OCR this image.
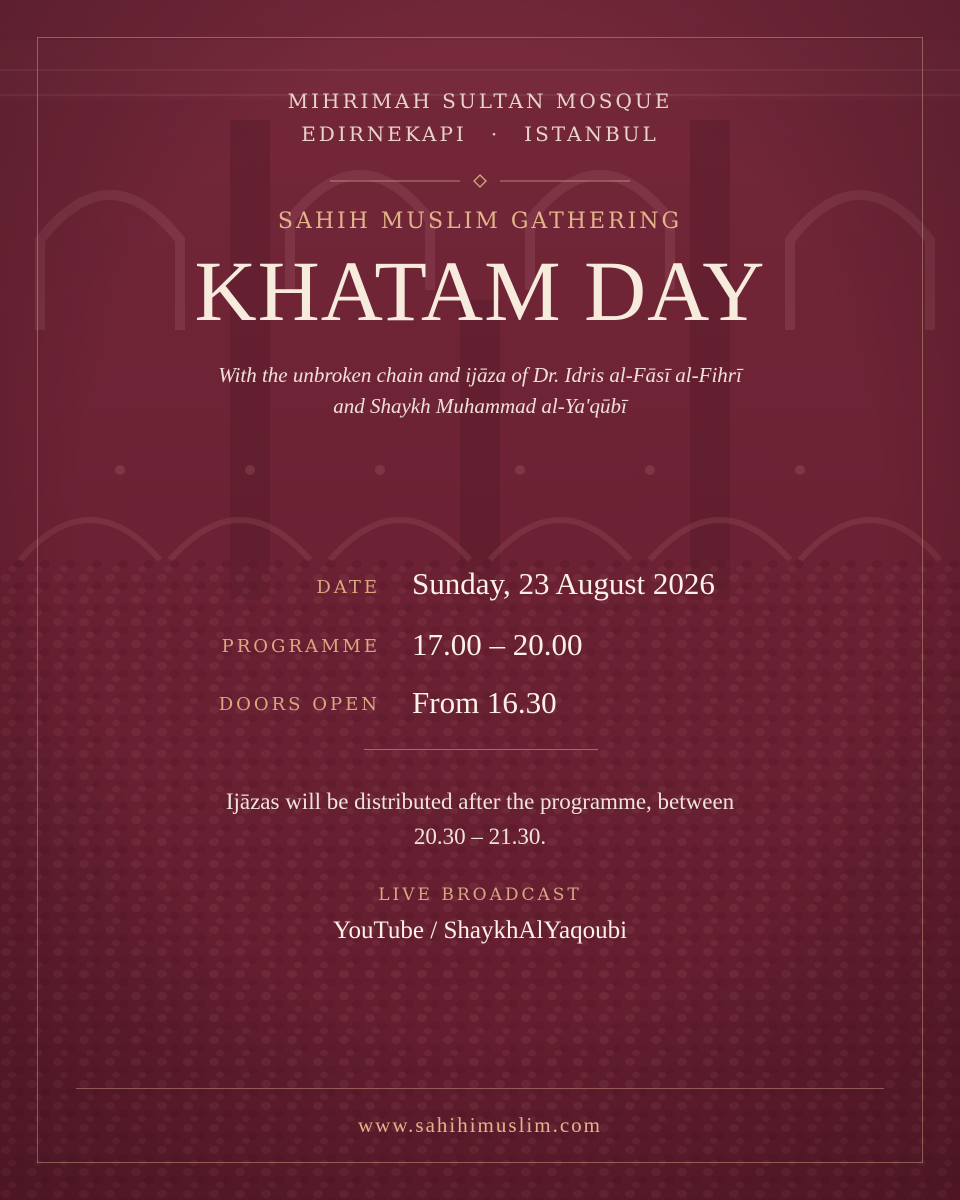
MIHRIMAH SULTAN MOSQUE
EDIRNEKAPI · ISTANBUL
SAHIH MUSLIM GATHERING
KHATAM DAY
With the unbroken chain and ijāza of Dr. Idris al-Fāsī al-Fihrī
and Shaykh Muhammad al-Ya'qūbī
DATE Sunday, 23 August 2026
PROGRAMME 17.00 – 20.00
DOORS OPEN From 16.30
Ijāzas will be distributed after the programme, between
20.30 – 21.30.
LIVE BROADCAST
YouTube / ShaykhAlYaqoubi
www.sahihimuslim.com
